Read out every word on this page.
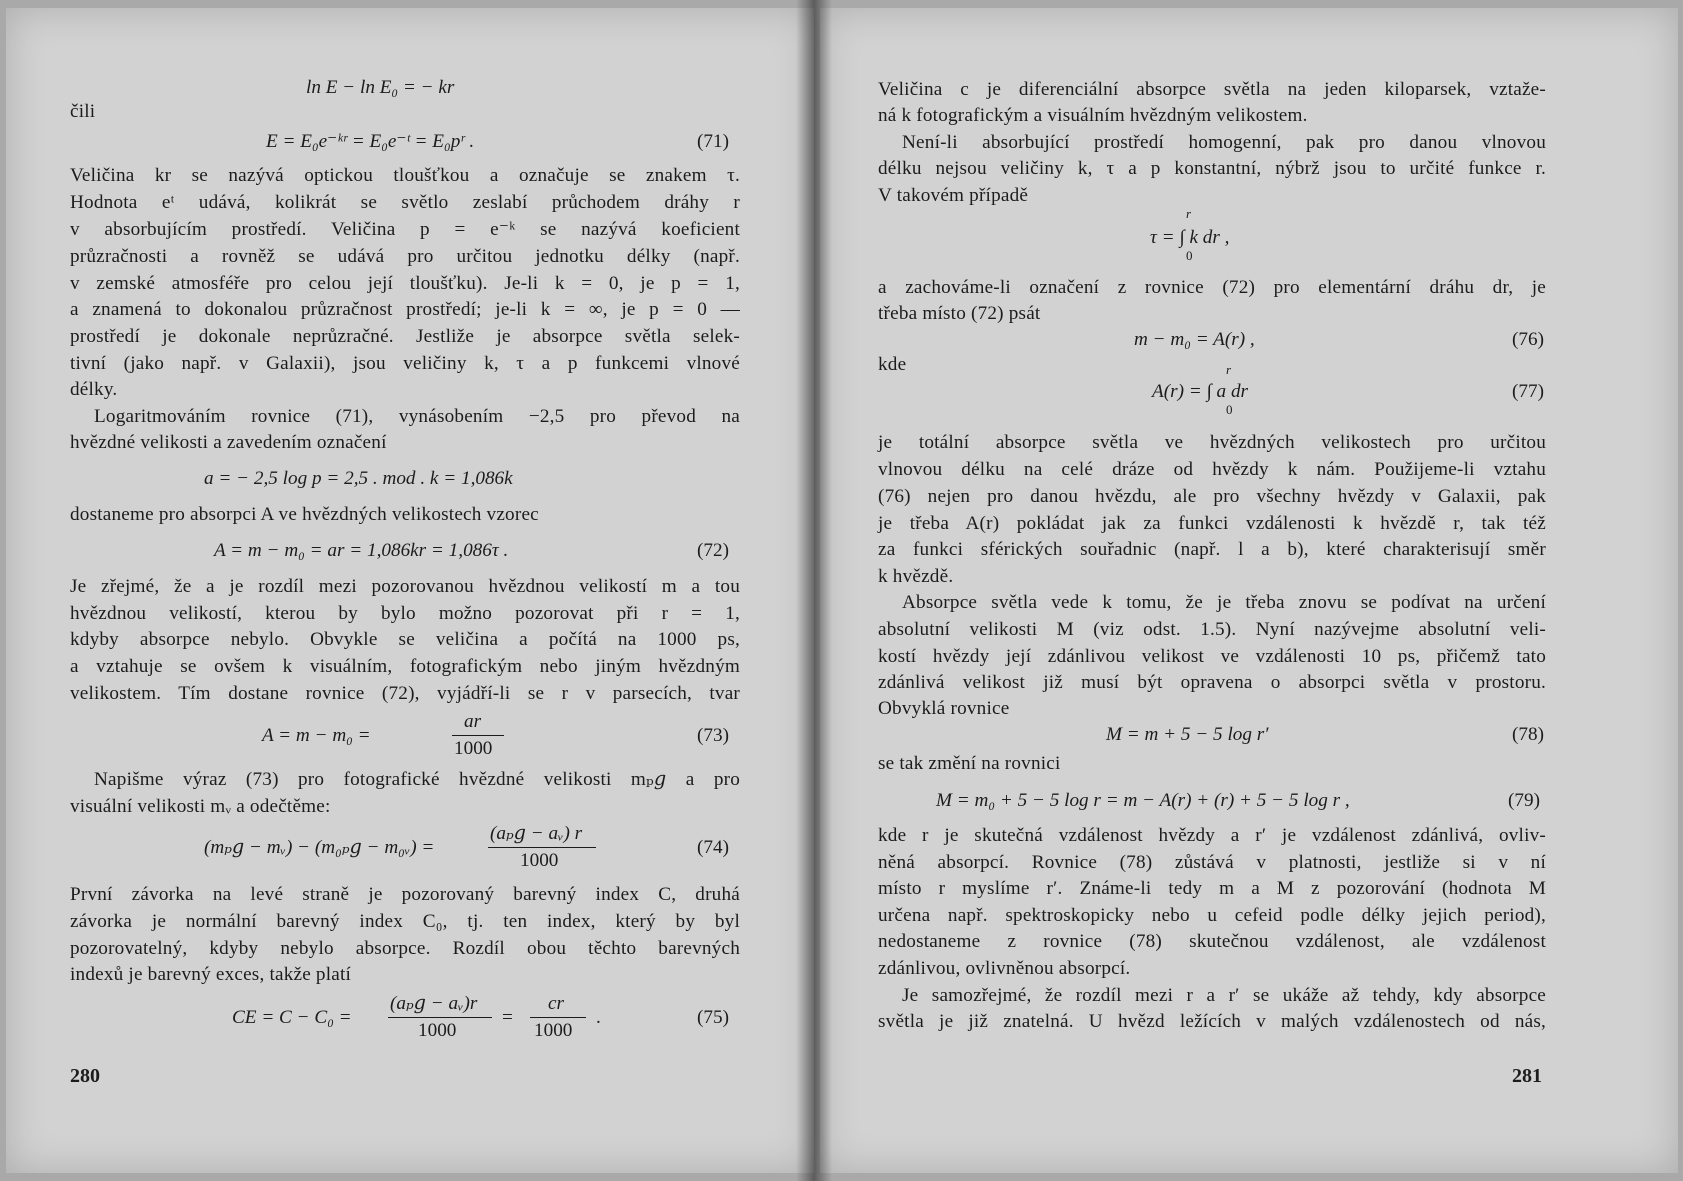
ln E − ln E₀ = − kr
čili
E = E₀e⁻ᵏʳ = E₀e⁻ᵗ = E₀pʳ .	(71)
Veličina kr se nazývá optickou tloušťkou a označuje se znakem τ.
Hodnota eᵗ udává, kolikrát se světlo zeslabí průchodem dráhy r
v absorbujícím prostředí. Veličina p = e⁻ᵏ se nazývá koeficient
průzračnosti a rovněž se udává pro určitou jednotku délky (např.
v zemské atmosféře pro celou její tloušťku). Je-li k = 0, je p = 1,
a znamená to dokonalou průzračnost prostředí; je-li k = ∞, je p = 0 —
prostředí je dokonale neprůzračné. Jestliže je absorpce světla selek-
tivní (jako např. v Galaxii), jsou veličiny k, τ a p funkcemi vlnové
délky.
Logaritmováním rovnice (71), vynásobením −2,5 pro převod na
hvězdné velikosti a zavedením označení
a = − 2,5 log p = 2,5 . mod . k = 1,086k
dostaneme pro absorpci A ve hvězdných velikostech vzorec
A = m − m₀ = ar = 1,086kr = 1,086τ .	(72)
Je zřejmé, že a je rozdíl mezi pozorovanou hvězdnou velikostí m a tou
hvězdnou velikostí, kterou by bylo možno pozorovat při r = 1,
kdyby absorpce nebylo. Obvykle se veličina a počítá na 1000 ps,
a vztahuje se ovšem k visuálním, fotografickým nebo jiným hvězdným
velikostem. Tím dostane rovnice (72), vyjádří-li se r v parsecích, tvar
A = m − m₀ =
ar
1000
(73)
Napišme výraz (73) pro fotografické hvězdné velikosti mₚ𝑔 a pro
visuální velikosti mᵥ a odečtěme:
(mₚ𝑔 − mᵥ) − (m₀ₚ𝑔 − m₀ᵥ) =
(aₚ𝑔 − aᵥ) r
1000
(74)
První závorka na levé straně je pozorovaný barevný index C, druhá
závorka je normální barevný index C₀, tj. ten index, který by byl
pozorovatelný, kdyby nebylo absorpce. Rozdíl obou těchto barevných
indexů je barevný exces, takže platí
CE = C − C₀ =
(aₚ𝑔 − aᵥ)r
1000
=
cr
1000
.	(75)
280
Veličina c je diferenciální absorpce světla na jeden kiloparsek, vztaže-
ná k fotografickým a visuálním hvězdným velikostem.
Není-li absorbující prostředí homogenní, pak pro danou vlnovou
délku nejsou veličiny k, τ a p konstantní, nýbrž jsou to určité funkce r.
V takovém případě
r
τ = ∫ k dr ,
0
a zachováme-li označení z rovnice (72) pro elementární dráhu dr, je
třeba místo (72) psát
m − m₀ = A(r) ,	(76)
kde	r
A(r) = ∫ a dr
0
(77)
je totální absorpce světla ve hvězdných velikostech pro určitou
vlnovou délku na celé dráze od hvězdy k nám. Použijeme-li vztahu
(76) nejen pro danou hvězdu, ale pro všechny hvězdy v Galaxii, pak
je třeba A(r) pokládat jak za funkci vzdálenosti k hvězdě r, tak též
za funkci sférických souřadnic (např. l a b), které charakterisují směr
k hvězdě.
Absorpce světla vede k tomu, že je třeba znovu se podívat na určení
absolutní velikosti M (viz odst. 1.5). Nyní nazývejme absolutní veli-
kostí hvězdy její zdánlivou velikost ve vzdálenosti 10 ps, přičemž tato
zdánlivá velikost již musí být opravena o absorpci světla v prostoru.
Obvyklá rovnice
M = m + 5 − 5 log r′	(78)
se tak změní na rovnici
M = m₀ + 5 − 5 log r = m − A(r) + (r) + 5 − 5 log r ,	(79)
kde r je skutečná vzdálenost hvězdy a r′ je vzdálenost zdánlivá, ovliv-
něná absorpcí. Rovnice (78) zůstává v platnosti, jestliže si v ní
místo r myslíme r′. Známe-li tedy m a M z pozorování (hodnota M
určena např. spektroskopicky nebo u cefeid podle délky jejich period),
nedostaneme z rovnice (78) skutečnou vzdálenost, ale vzdálenost
zdánlivou, ovlivněnou absorpcí.
Je samozřejmé, že rozdíl mezi r a r′ se ukáže až tehdy, kdy absorpce
světla je již znatelná. U hvězd ležících v malých vzdálenostech od nás,
281
